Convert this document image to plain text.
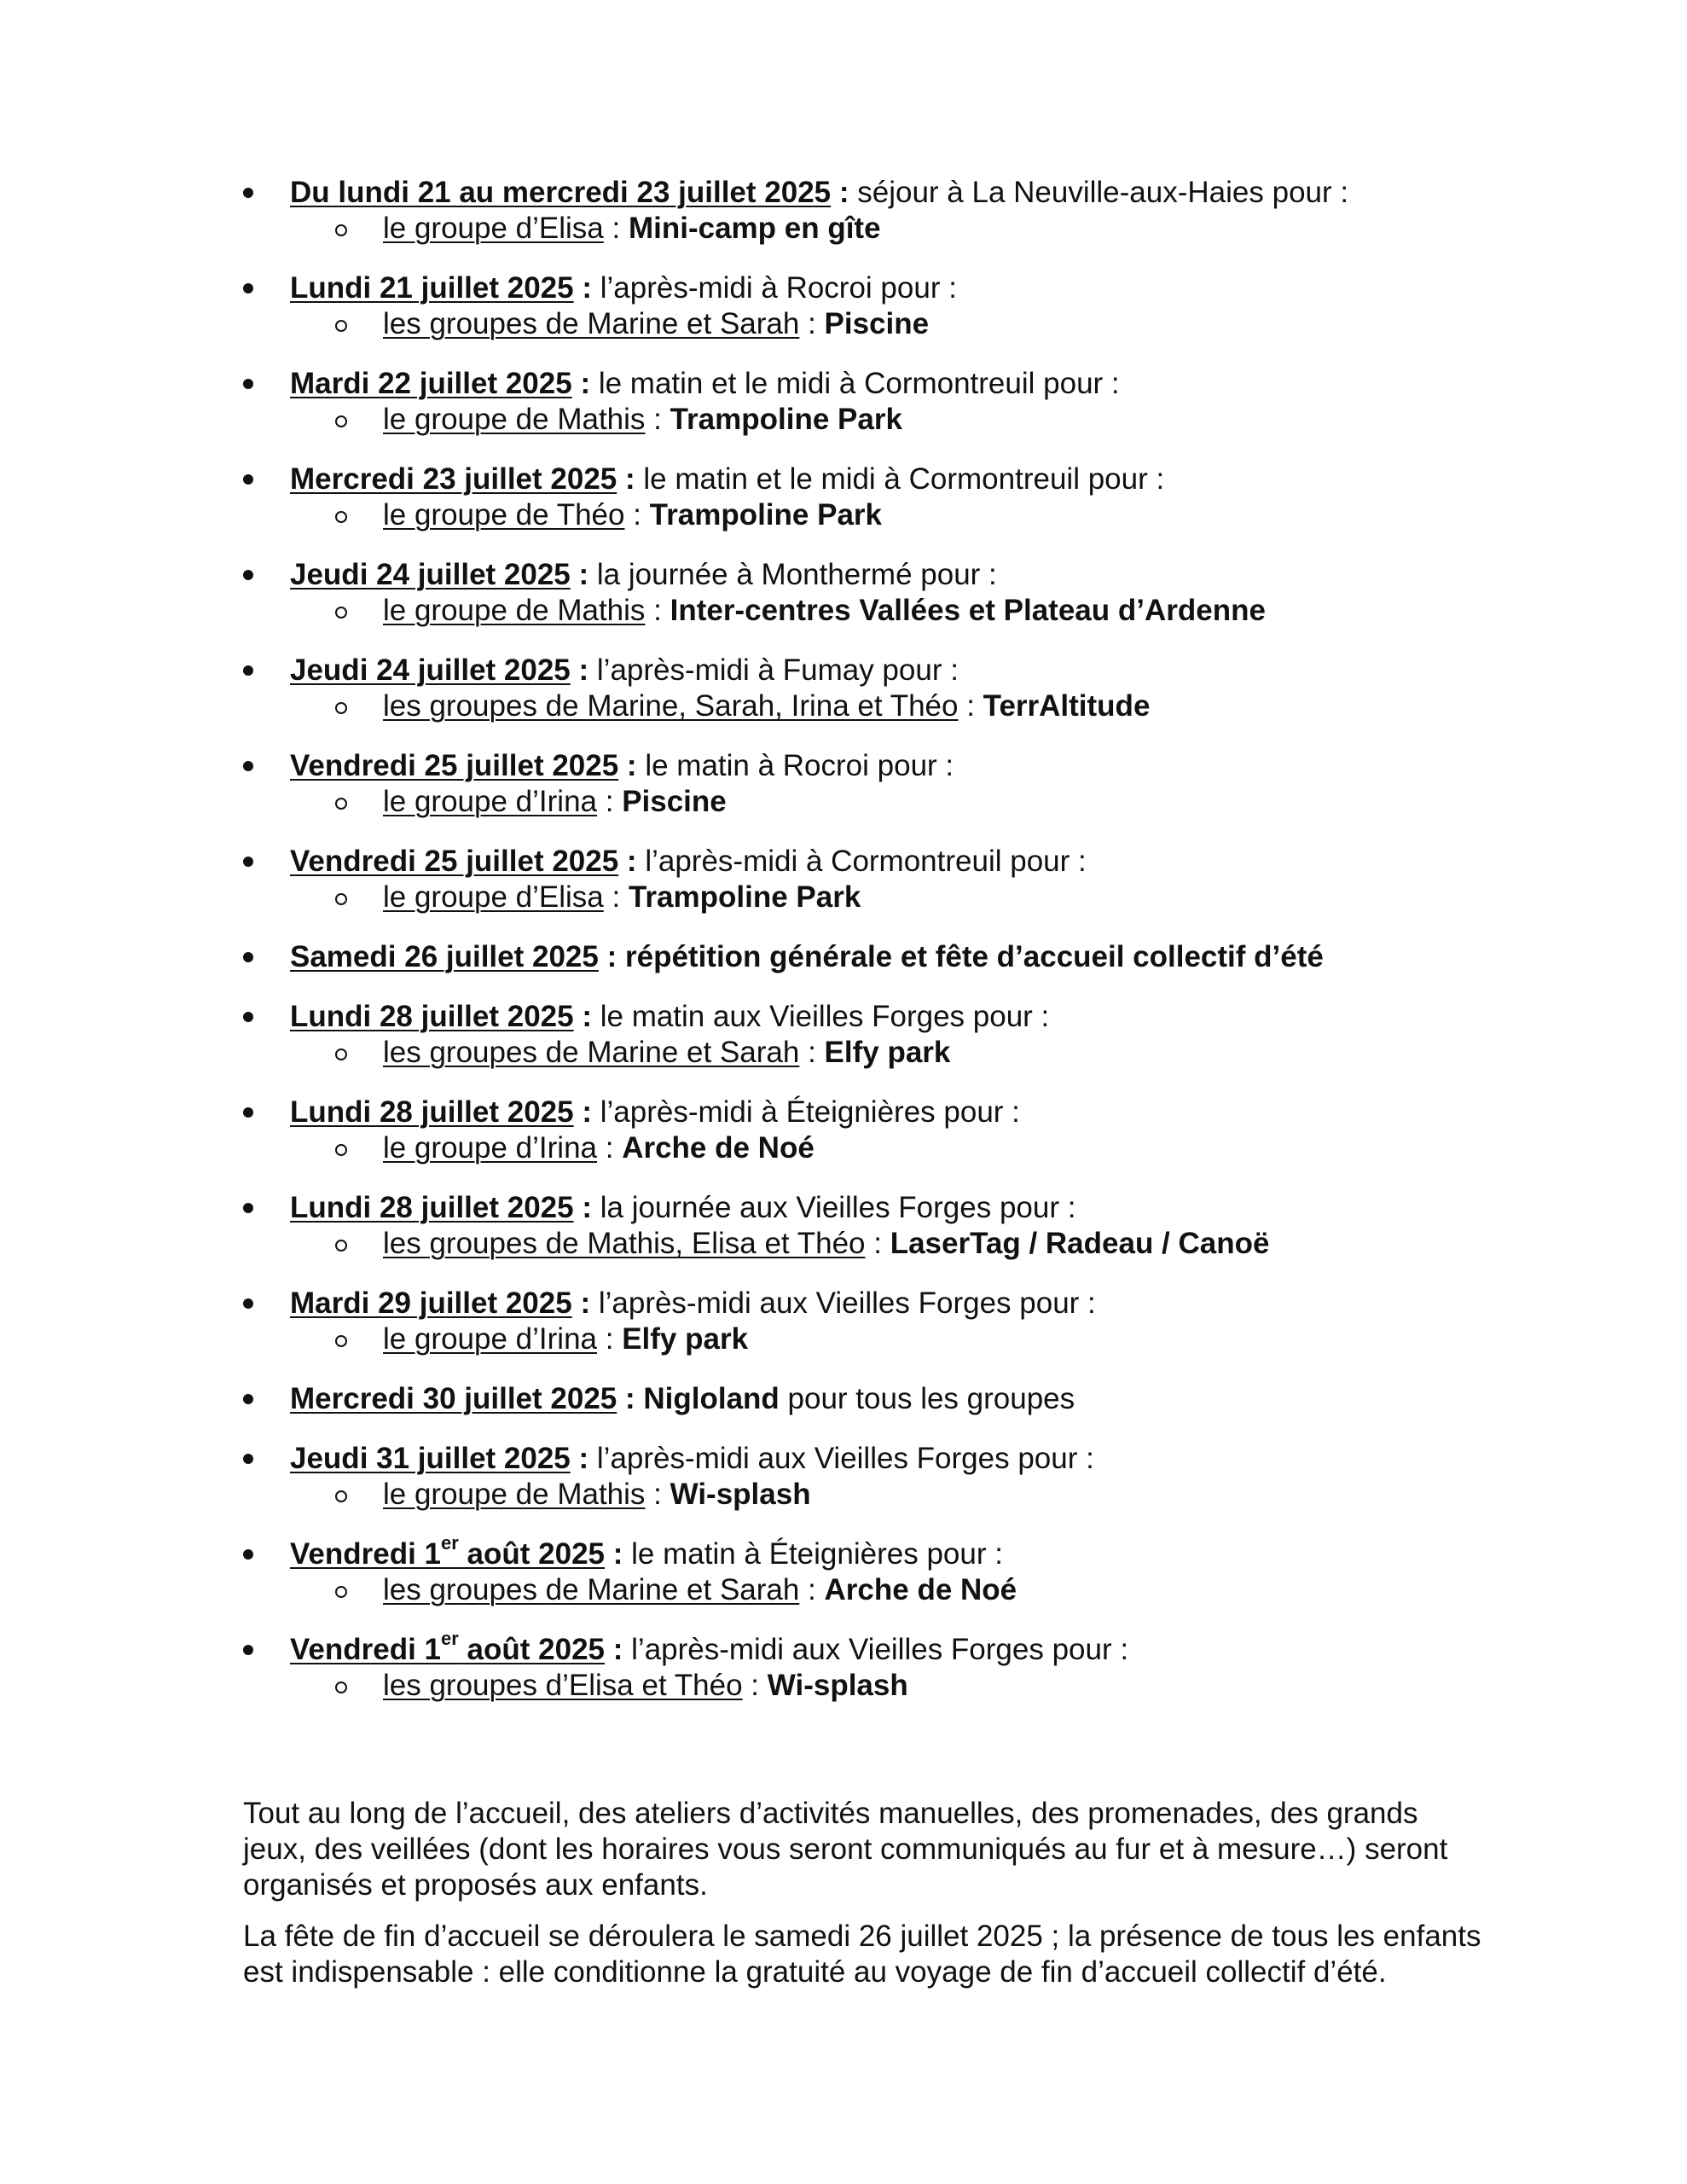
Du lundi 21 au mercredi 23 juillet 2025 : séjour à La Neuville-aux-Haies pour :
le groupe d’Elisa : Mini-camp en gîte
Lundi 21 juillet 2025 : l’après-midi à Rocroi pour :
les groupes de Marine et Sarah : Piscine
Mardi 22 juillet 2025 : le matin et le midi à Cormontreuil pour :
le groupe de Mathis : Trampoline Park
Mercredi 23 juillet 2025 : le matin et le midi à Cormontreuil pour :
le groupe de Théo : Trampoline Park
Jeudi 24 juillet 2025 : la journée à Monthermé pour :
le groupe de Mathis : Inter-centres Vallées et Plateau d’Ardenne
Jeudi 24 juillet 2025 : l’après-midi à Fumay pour :
les groupes de Marine, Sarah, Irina et Théo : TerrAltitude
Vendredi 25 juillet 2025 : le matin à Rocroi pour :
le groupe d’Irina : Piscine
Vendredi 25 juillet 2025 : l’après-midi à Cormontreuil pour :
le groupe d’Elisa : Trampoline Park
Samedi 26 juillet 2025 : répétition générale et fête d’accueil collectif d’été
Lundi 28 juillet 2025 : le matin aux Vieilles Forges pour :
les groupes de Marine et Sarah : Elfy park
Lundi 28 juillet 2025 : l’après-midi à Éteignières pour :
le groupe d’Irina : Arche de Noé
Lundi 28 juillet 2025 : la journée aux Vieilles Forges pour :
les groupes de Mathis, Elisa et Théo : LaserTag / Radeau / Canoë
Mardi 29 juillet 2025 : l’après-midi aux Vieilles Forges pour :
le groupe d’Irina : Elfy park
Mercredi 30 juillet 2025 : Nigloland pour tous les groupes
Jeudi 31 juillet 2025 : l’après-midi aux Vieilles Forges pour :
le groupe de Mathis : Wi-splash
Vendredi 1er août 2025 : le matin à Éteignières pour :
les groupes de Marine et Sarah : Arche de Noé
Vendredi 1er août 2025 : l’après-midi aux Vieilles Forges pour :
les groupes d’Elisa et Théo : Wi-splash

Tout au long de l’accueil, des ateliers d’activités manuelles, des promenades, des grands
jeux, des veillées (dont les horaires vous seront communiqués au fur et à mesure…) seront
organisés et proposés aux enfants.

La fête de fin d’accueil se déroulera le samedi 26 juillet 2025 ; la présence de tous les enfants
est indispensable : elle conditionne la gratuité au voyage de fin d’accueil collectif d’été.
